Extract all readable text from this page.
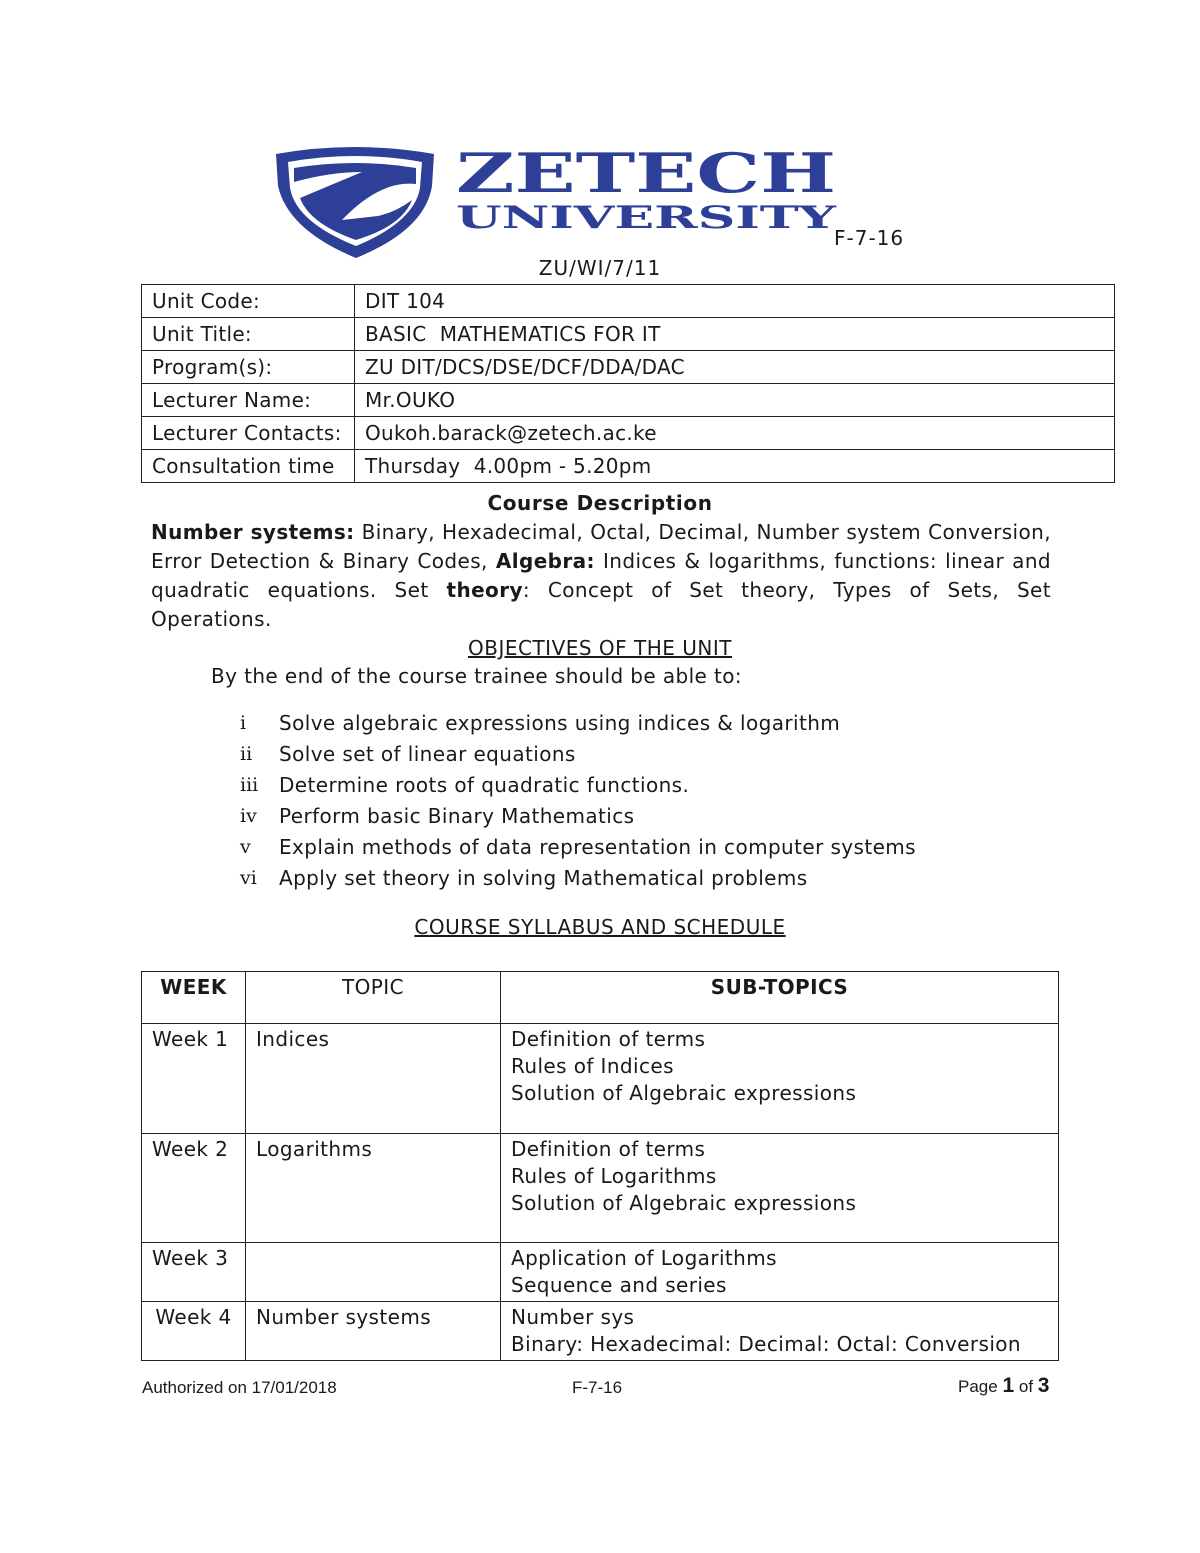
ZETECH
UNIVERSITY
F-7-16
ZU/WI/7/11
Unit Code:	DIT 104
Unit Title:	BASIC  MATHEMATICS FOR IT
Program(s):	ZU DIT/DCS/DSE/DCF/DDA/DAC
Lecturer Name:	Mr.OUKO
Lecturer Contacts:	Oukoh.barack@zetech.ac.ke
Consultation time	Thursday  4.00pm - 5.20pm
Course Description
Number systems: Binary, Hexadecimal, Octal, Decimal, Number system Conversion, Error Detection & Binary Codes, Algebra: Indices & logarithms, functions: linear and quadratic equations. Set theory: Concept of Set theory, Types of Sets, Set Operations.
OBJECTIVES OF THE UNIT
By the end of the course trainee should be able to:
i	Solve algebraic expressions using indices & logarithm
ii	Solve set of linear equations
iii	Determine roots of quadratic functions.
iv	Perform basic Binary Mathematics
v	Explain methods of data representation in computer systems
vi	Apply set theory in solving Mathematical problems
COURSE SYLLABUS AND SCHEDULE
WEEK	TOPIC	SUB-TOPICS
Week 1	Indices	Definition of terms
Rules of Indices
Solution of Algebraic expressions

Week 2	Logarithms	Definition of terms
Rules of Logarithms
Solution of Algebraic expressions

Week 3		Application of Logarithms
Sequence and series

Week 4	Number systems	Number sys
Binary: Hexadecimal: Decimal: Octal: Conversion
Authorized on 17/01/2018	F-7-16	Page 1 of 3
